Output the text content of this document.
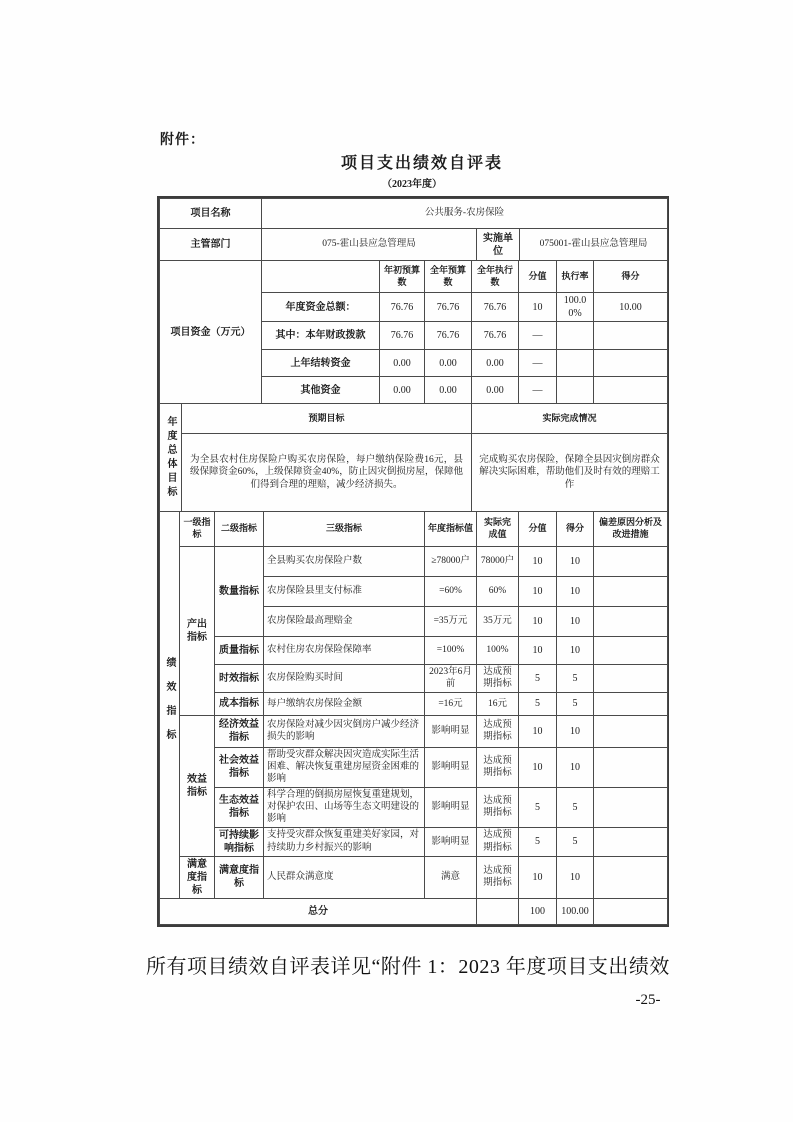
附件：
项目支出绩效自评表
（2023年度）
项目名称	公共服务-农房保险		
主管部门	075-霍山县应急管理局	实施单位	075001-霍山县应急管理局
项目资金（万元）		年初预算数	全年预算数	全年执行数	分值	执行率	得分
	年度资金总额：	76.76	76.76	76.76	10	100.00%	10.00
	其中：本年财政拨款	76.76	76.76	76.76	—		
	上年结转资金	0.00	0.00	0.00	—		
	其他资金	0.00	0.00	0.00	—		
年度总体目标	预期目标	实际完成情况
	为全县农村住房保险户购买农房保险，每户缴纳保险费16元，县级保障资金60%，上级保障资金40%，防止因灾倒损房屋，保障他们得到合理的理赔，减少经济损失。	完成购买农房保险，保障全县因灾倒房群众解决实际困难，帮助他们及时有效的理赔工作
绩效指标	一级指标	二级指标	三级指标	年度指标值	实际完成值	分值	得分	偏差原因分析及改进措施
	产出指标	数量指标	全县购买农房保险户数	≥78000户	78000户	10	10	
			农房保险县里支付标准	=60%	60%	10	10	
			农房保险最高理赔金	=35万元	35万元	10	10	
		质量指标	农村住房农房保险保障率	=100%	100%	10	10	
		时效指标	农房保险购买时间	2023年6月前	达成预期指标	5	5	
		成本指标	每户缴纳农房保险金额	=16元	16元	5	5	
	效益指标	经济效益指标	农房保险对减少因灾倒房户减少经济损失的影响	影响明显	达成预期指标	10	10	
		社会效益指标	帮助受灾群众解决因灾造成实际生活困难、解决恢复重建房屋资金困难的影响	影响明显	达成预期指标	10	10	
		生态效益指标	科学合理的倒损房屋恢复重建规划，对保护农田、山场等生态文明建设的影响	影响明显	达成预期指标	5	5	
		可持续影响指标	支持受灾群众恢复重建美好家园，对持续助力乡村振兴的影响	影响明显	达成预期指标	5	5	
	满意度指标	满意度指标	人民群众满意度	满意	达成预期指标	10	10	
总分						100	100.00	
所有项目绩效自评表详见“附件 1：2023 年度项目支出绩效
-25-
